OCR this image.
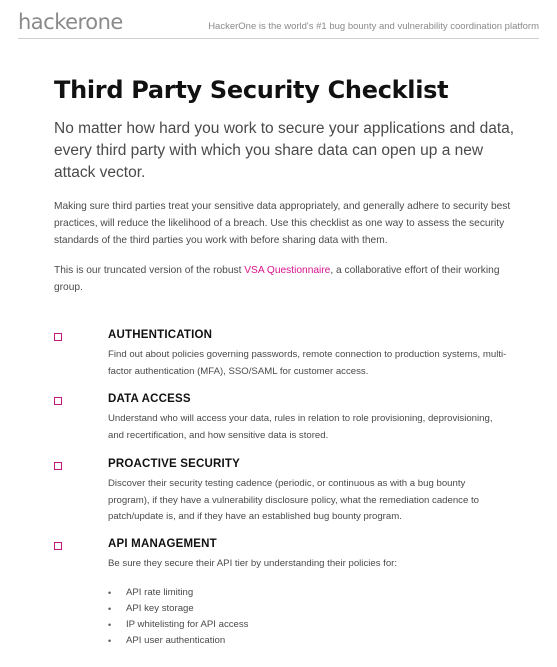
hackerone	HackerOne is the world's #1 bug bounty and vulnerability coordination platform
Third Party Security Checklist

No matter how hard you work to secure your applications and data, every third party with which you share data can open up a new attack vector.

Making sure third parties treat your sensitive data appropriately, and generally adhere to security best practices, will reduce the likelihood of a breach. Use this checklist as one way to assess the security standards of the third parties you work with before sharing data with them.

This is our truncated version of the robust VSA Questionnaire, a collaborative effort of their working group.

AUTHENTICATION

Find out about policies governing passwords, remote connection to production systems, multi-factor authentication (MFA), SSO/SAML for customer access.

DATA ACCESS

Understand who will access your data, rules in relation to role provisioning, deprovisioning, and recertification, and how sensitive data is stored.

PROACTIVE SECURITY

Discover their security testing cadence (periodic, or continuous as with a bug bounty program), if they have a vulnerability disclosure policy, what the remediation cadence to patch/update is, and if they have an established bug bounty program.

API MANAGEMENT

Be sure they secure their API tier by understanding their policies for:

• API rate limiting
• API key storage
• IP whitelisting for API access
• API user authentication
